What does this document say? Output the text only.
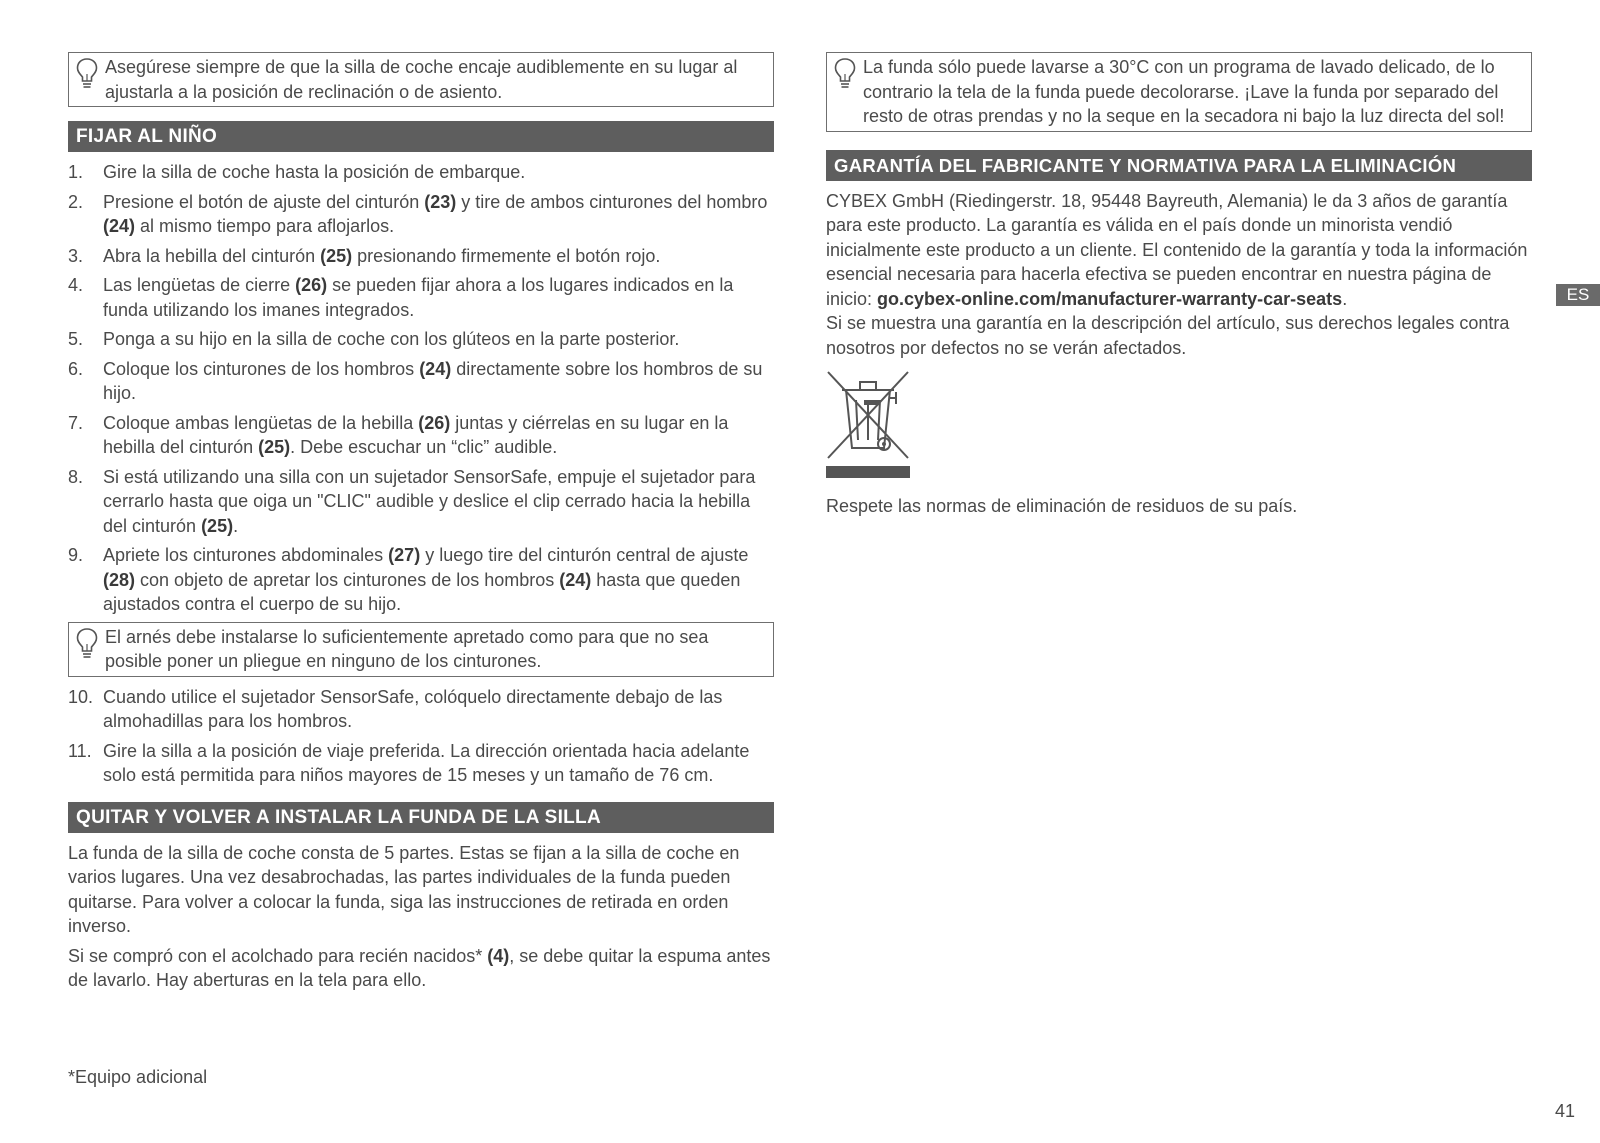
Asegúrese siempre de que la silla de coche encaje audiblemente en su lugar al ajustarla a la posición de reclinación o de asiento.
FIJAR AL NIÑO
1. Gire la silla de coche hasta la posición de embarque.
2. Presione el botón de ajuste del cinturón (23) y tire de ambos cinturones del hombro (24) al mismo tiempo para aflojarlos.
3. Abra la hebilla del cinturón (25) presionando firmemente el botón rojo.
4. Las lengüetas de cierre (26) se pueden fijar ahora a los lugares indicados en la funda utilizando los imanes integrados.
5. Ponga a su hijo en la silla de coche con los glúteos en la parte posterior.
6. Coloque los cinturones de los hombros (24) directamente sobre los hombros de su hijo.
7. Coloque ambas lengüetas de la hebilla (26) juntas y ciérrelas en su lugar en la hebilla del cinturón (25). Debe escuchar un “clic” audible.
8. Si está utilizando una silla con un sujetador SensorSafe, empuje el sujetador para cerrarlo hasta que oiga un "CLIC" audible y deslice el clip cerrado hacia la hebilla del cinturón (25).
9. Apriete los cinturones abdominales (27) y luego tire del cinturón central de ajuste (28) con objeto de apretar los cinturones de los hombros (24) hasta que queden ajustados contra el cuerpo de su hijo.
El arnés debe instalarse lo suficientemente apretado como para que no sea posible poner un pliegue en ninguno de los cinturones.
10. Cuando utilice el sujetador SensorSafe, colóquelo directamente debajo de las almohadillas para los hombros.
11. Gire la silla a la posición de viaje preferida. La dirección orientada hacia adelante solo está permitida para niños mayores de 15 meses y un tamaño de 76 cm.
QUITAR Y VOLVER A INSTALAR LA FUNDA DE LA SILLA

La funda de la silla de coche consta de 5 partes. Estas se fijan a la silla de coche en varios lugares. Una vez desabrochadas, las partes individuales de la funda pueden quitarse. Para volver a colocar la funda, siga las instrucciones de retirada en orden inverso.

Si se compró con el acolchado para recién nacidos* (4), se debe quitar la espuma antes de lavarlo. Hay aberturas en la tela para ello.

*Equipo adicional
La funda sólo puede lavarse a 30°C con un programa de lavado delicado, de lo contrario la tela de la funda puede decolorarse. ¡Lave la funda por separado del resto de otras prendas y no la seque en la secadora ni bajo la luz directa del sol!
GARANTÍA DEL FABRICANTE Y NORMATIVA PARA LA ELIMINACIÓN

CYBEX GmbH (Riedingerstr. 18, 95448 Bayreuth, Alemania) le da 3 años de garantía para este producto. La garantía es válida en el país donde un minorista vendió inicialmente este producto a un cliente. El contenido de la garantía y toda la información esencial necesaria para hacerla efectiva se pueden encontrar en nuestra página de inicio: go.cybex-online.com/manufacturer-warranty-car-seats.

Si se muestra una garantía en la descripción del artículo, sus derechos legales contra nosotros por defectos no se verán afectados.

Respete las normas de eliminación de residuos de su país.

ES
41
